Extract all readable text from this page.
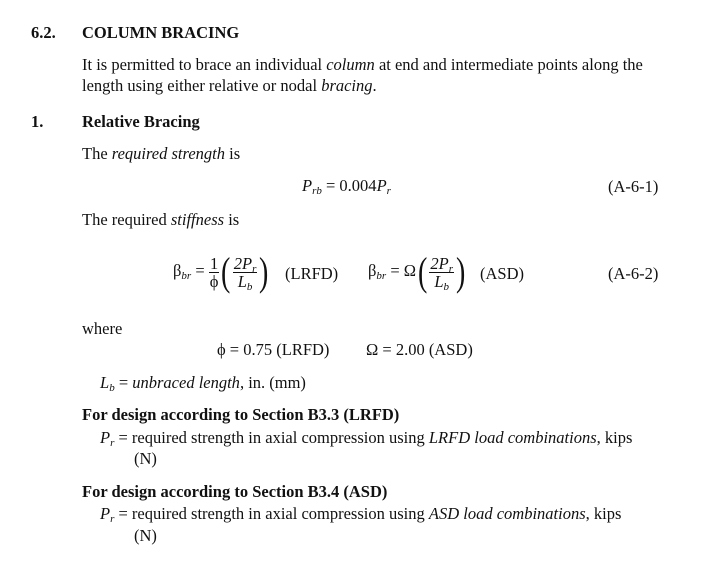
6.2. COLUMN BRACING
It is permitted to brace an individual column at end and intermediate points along the
length using either relative or nodal bracing.
1. Relative Bracing
The required strength is
$P_{rb} = 0.004P_r$	(A-6-1)
The required stiffness is
$\beta_{br} = \frac{1}{\phi}$ ( $\frac{2P_r}{L_b}$ ) (LRFD) $\beta_{br} = \Omega( \frac{2P_r}{L_b}$ ) (ASD)	(A-6-2)
where
ϕ = 0.75 (LRFD) Ω = 2.00 (ASD)
$L_b$ = unbraced length, in. (mm)
For design according to Section B3.3 (LRFD)
$P_r$ = required strength in axial compression using LRFD load combinations, kips
(N)
For design according to Section B3.4 (ASD)
$P_r$ = required strength in axial compression using ASD load combinations, kips
(N)
